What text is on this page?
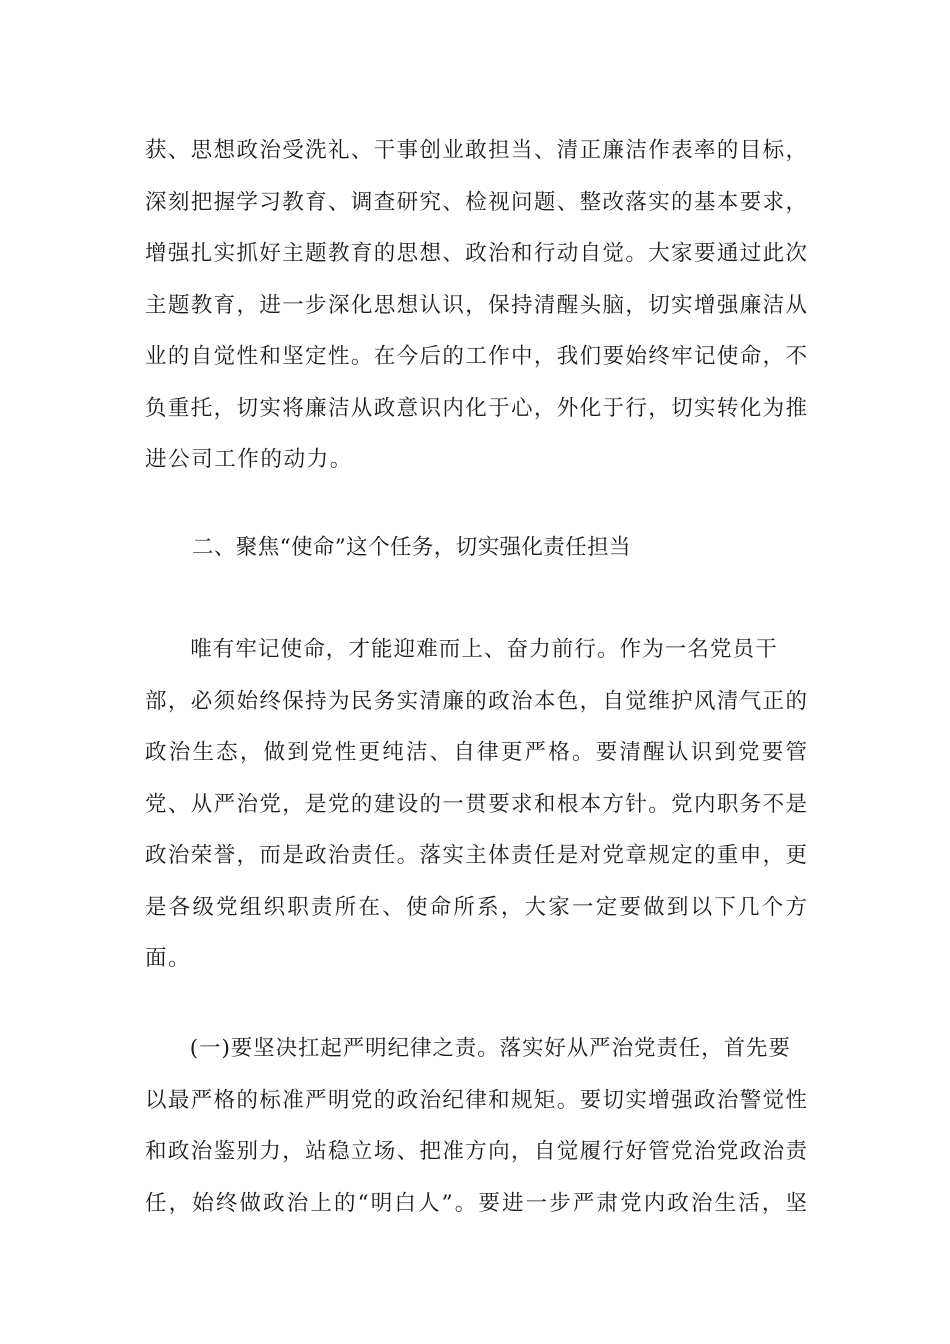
获、思想政治受洗礼、干事创业敢担当、清正廉洁作表率的目标，
深刻把握学习教育、调查研究、检视问题、整改落实的基本要求，
增强扎实抓好主题教育的思想、政治和行动自觉。大家要通过此次
主题教育，进一步深化思想认识，保持清醒头脑，切实增强廉洁从
业的自觉性和坚定性。在今后的工作中，我们要始终牢记使命，不
负重托，切实将廉洁从政意识内化于心，外化于行，切实转化为推
进公司工作的动力。
二、聚焦“使命”这个任务，切实强化责任担当
　　唯有牢记使命，才能迎难而上、奋力前行。作为一名党员干
部，必须始终保持为民务实清廉的政治本色，自觉维护风清气正的
政治生态，做到党性更纯洁、自律更严格。要清醒认识到党要管
党、从严治党，是党的建设的一贯要求和根本方针。党内职务不是
政治荣誉，而是政治责任。落实主体责任是对党章规定的重申，更
是各级党组织职责所在、使命所系，大家一定要做到以下几个方
面。
　　(一)要坚决扛起严明纪律之责。落实好从严治党责任，首先要
以最严格的标准严明党的政治纪律和规矩。要切实增强政治警觉性
和政治鉴别力，站稳立场、把准方向，自觉履行好管党治党政治责
任，始终做政治上的“明白人”。要进一步严肃党内政治生活，坚
